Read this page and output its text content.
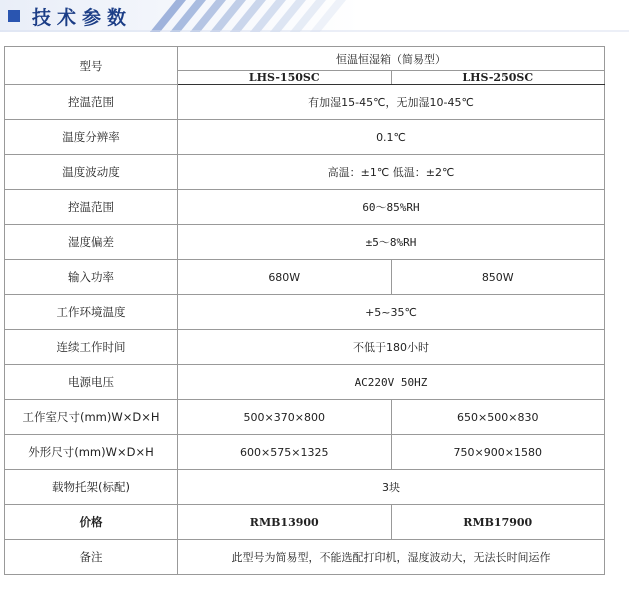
技术参数
型号	恒温恒湿箱（简易型）	
	LHS-150SC	LHS-250SC
控温范围	有加湿15-45℃，无加湿10-45℃	
温度分辨率	0.1℃	
温度波动度	高温：±1℃ 低温：±2℃	
控温范围	60～85%RH	
湿度偏差	±5～8%RH	
输入功率	680W	850W
工作环境温度	+5~35℃	
连续工作时间	不低于180小时	
电源电压	AC220V 50HZ	
工作室尺寸(mm)W×D×H	500×370×800	650×500×830
外形尺寸(mm)W×D×H	600×575×1325	750×900×1580
载物托架(标配)	3块	
价格	RMB13900	RMB17900
备注	此型号为简易型，不能选配打印机，湿度波动大，无法长时间运作	
